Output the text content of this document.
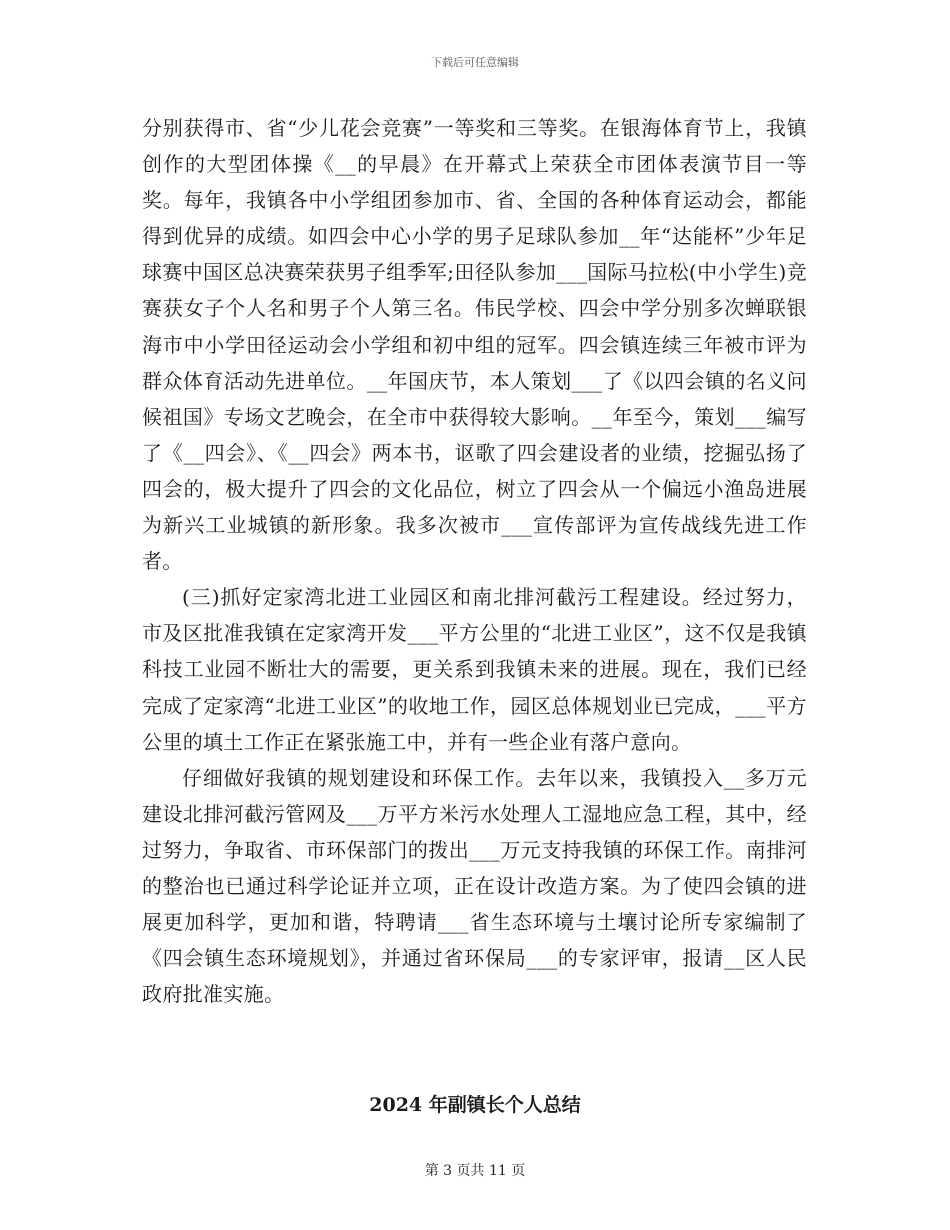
下载后可任意编辑

分别获得市、省“少儿花会竞赛”一等奖和三等奖。在银海体育节上，我镇创作的大型团体操《__的早晨》在开幕式上荣获全市团体表演节目一等奖。每年，我镇各中小学组团参加市、省、全国的各种体育运动会，都能得到优异的成绩。如四会中心小学的男子足球队参加__年“达能杯”少年足球赛中国区总决赛荣获男子组季军;田径队参加___国际马拉松(中小学生)竞赛获女子个人名和男子个人第三名。伟民学校、四会中学分别多次蝉联银海市中小学田径运动会小学组和初中组的冠军。四会镇连续三年被市评为群众体育活动先进单位。__年国庆节，本人策划___了《以四会镇的名义问候祖国》专场文艺晚会，在全市中获得较大影响。__年至今，策划___编写了《__四会》、《__四会》两本书，讴歌了四会建设者的业绩，挖掘弘扬了四会的，极大提升了四会的文化品位，树立了四会从一个偏远小渔岛进展为新兴工业城镇的新形象。我多次被市___宣传部评为宣传战线先进工作者。

(三)抓好定家湾北进工业园区和南北排河截污工程建设。经过努力，市及区批准我镇在定家湾开发___平方公里的“北进工业区”，这不仅是我镇科技工业园不断壮大的需要，更关系到我镇未来的进展。现在，我们已经完成了定家湾“北进工业区”的收地工作，园区总体规划业已完成，___平方公里的填土工作正在紧张施工中，并有一些企业有落户意向。

仔细做好我镇的规划建设和环保工作。去年以来，我镇投入__多万元建设北排河截污管网及___万平方米污水处理人工湿地应急工程，其中，经过努力，争取省、市环保部门的拨出___万元支持我镇的环保工作。南排河的整治也已通过科学论证并立项，正在设计改造方案。为了使四会镇的进展更加科学，更加和谐，特聘请___省生态环境与土壤讨论所专家编制了《四会镇生态环境规划》，并通过省环保局___的专家评审，报请__区人民政府批准实施。

2024 年副镇长个人总结
第 3 页共 11 页
